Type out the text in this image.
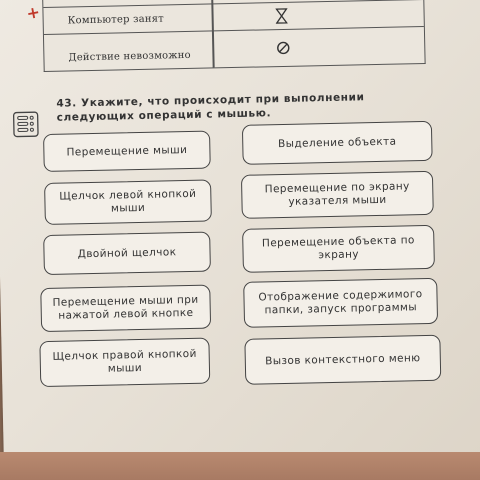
+	Компьютер занят
Действие невозможно
43. Укажите, что происходит при выполнении следующих операций с мышью.
Перемещение мыши
Щелчок левой кнопкой мыши
Двойной щелчок
Перемещение мыши при нажатой левой кнопке
Щелчок правой кнопкой мыши
Выделение объекта
Перемещение по экрану указателя мыши
Перемещение объекта по экрану
Отображение содержимого папки, запуск программы
Вызов контекстного меню
